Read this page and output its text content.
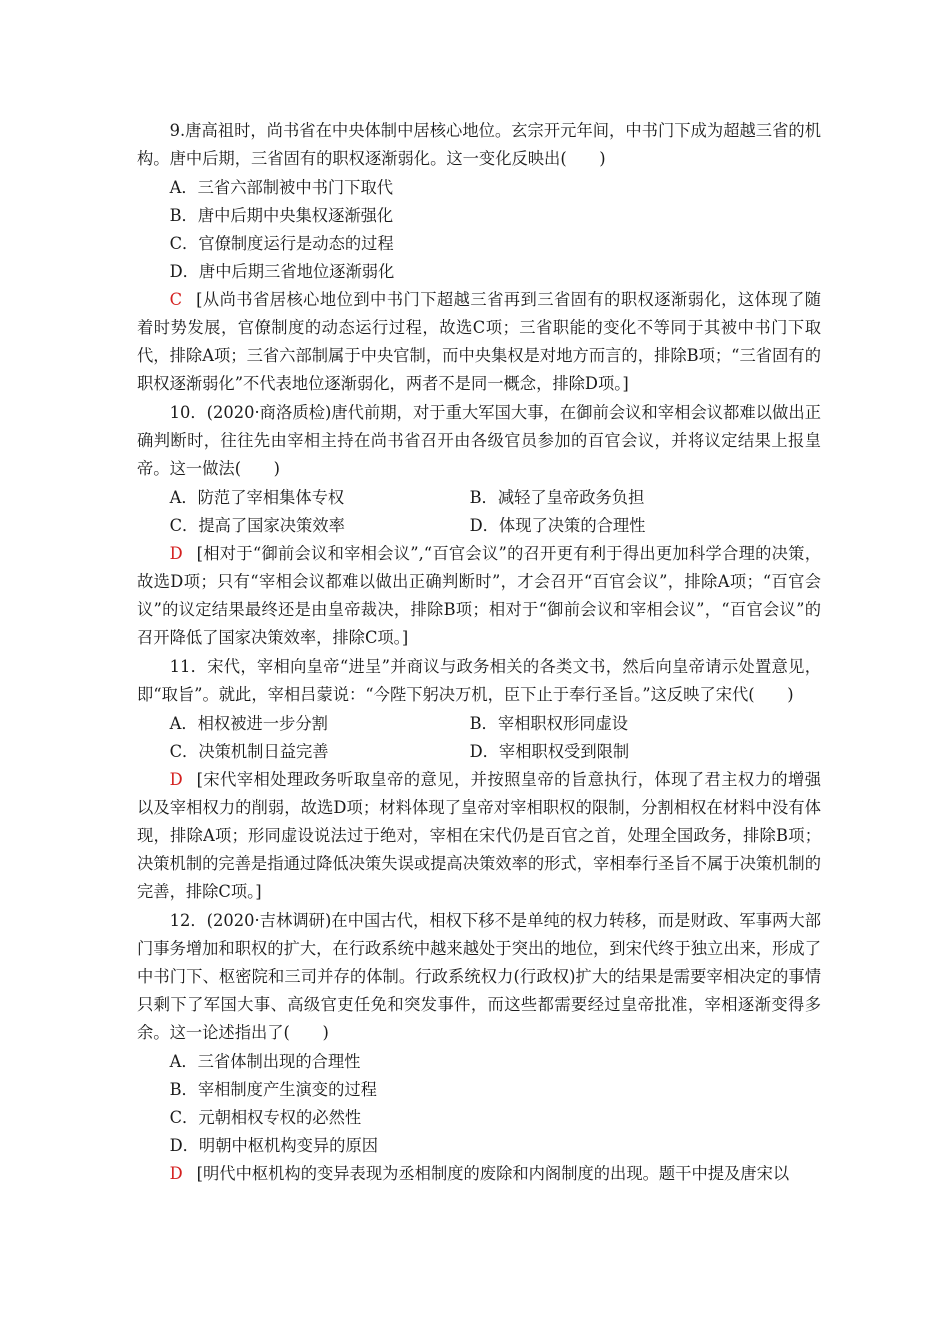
9.唐高祖时，尚书省在中央体制中居核心地位。玄宗开元年间，中书门下成为超越三省的机构。唐中后期，三省固有的职权逐渐弱化。这一变化反映出(　　)

A．三省六部制被中书门下取代

B．唐中后期中央集权逐渐强化

C．官僚制度运行是动态的过程

D．唐中后期三省地位逐渐弱化

C [从尚书省居核心地位到中书门下超越三省再到三省固有的职权逐渐弱化，这体现了随着时势发展，官僚制度的动态运行过程，故选C项；三省职能的变化不等同于其被中书门下取代，排除A项；三省六部制属于中央官制，而中央集权是对地方而言的，排除B项；“三省固有的职权逐渐弱化”不代表地位逐渐弱化，两者不是同一概念，排除D项。]

10．(2020·商洛质检)唐代前期，对于重大军国大事，在御前会议和宰相会议都难以做出正确判断时，往往先由宰相主持在尚书省召开由各级官员参加的百官会议，并将议定结果上报皇帝。这一做法(　　)

A．防范了宰相集体专权	B．减轻了皇帝政务负担

C．提高了国家决策效率	D．体现了决策的合理性

D [相对于“御前会议和宰相会议”,“百官会议”的召开更有利于得出更加科学合理的决策，故选D项；只有“宰相会议都难以做出正确判断时”，才会召开“百官会议”，排除A项；“百官会议”的议定结果最终还是由皇帝裁决，排除B项；相对于“御前会议和宰相会议”，“百官会议”的召开降低了国家决策效率，排除C项。]

11．宋代，宰相向皇帝“进呈”并商议与政务相关的各类文书，然后向皇帝请示处置意见，即“取旨”。就此，宰相吕蒙说：“今陛下躬决万机，臣下止于奉行圣旨。”这反映了宋代(　　)

A．相权被进一步分割	B．宰相职权形同虚设

C．决策机制日益完善	D．宰相职权受到限制

D [宋代宰相处理政务听取皇帝的意见，并按照皇帝的旨意执行，体现了君主权力的增强以及宰相权力的削弱，故选D项；材料体现了皇帝对宰相职权的限制，分割相权在材料中没有体现，排除A项；形同虚设说法过于绝对，宰相在宋代仍是百官之首，处理全国政务，排除B项；决策机制的完善是指通过降低决策失误或提高决策效率的形式，宰相奉行圣旨不属于决策机制的完善，排除C项。]

12．(2020·吉林调研)在中国古代，相权下移不是单纯的权力转移，而是财政、军事两大部门事务增加和职权的扩大，在行政系统中越来越处于突出的地位，到宋代终于独立出来，形成了中书门下、枢密院和三司并存的体制。行政系统权力(行政权)扩大的结果是需要宰相决定的事情只剩下了军国大事、高级官吏任免和突发事件，而这些都需要经过皇帝批准，宰相逐渐变得多余。这一论述指出了(　　)

A．三省体制出现的合理性

B．宰相制度产生演变的过程

C．元朝相权专权的必然性

D．明朝中枢机构变异的原因

D [明代中枢机构的变异表现为丞相制度的废除和内阁制度的出现。题干中提及唐宋以
